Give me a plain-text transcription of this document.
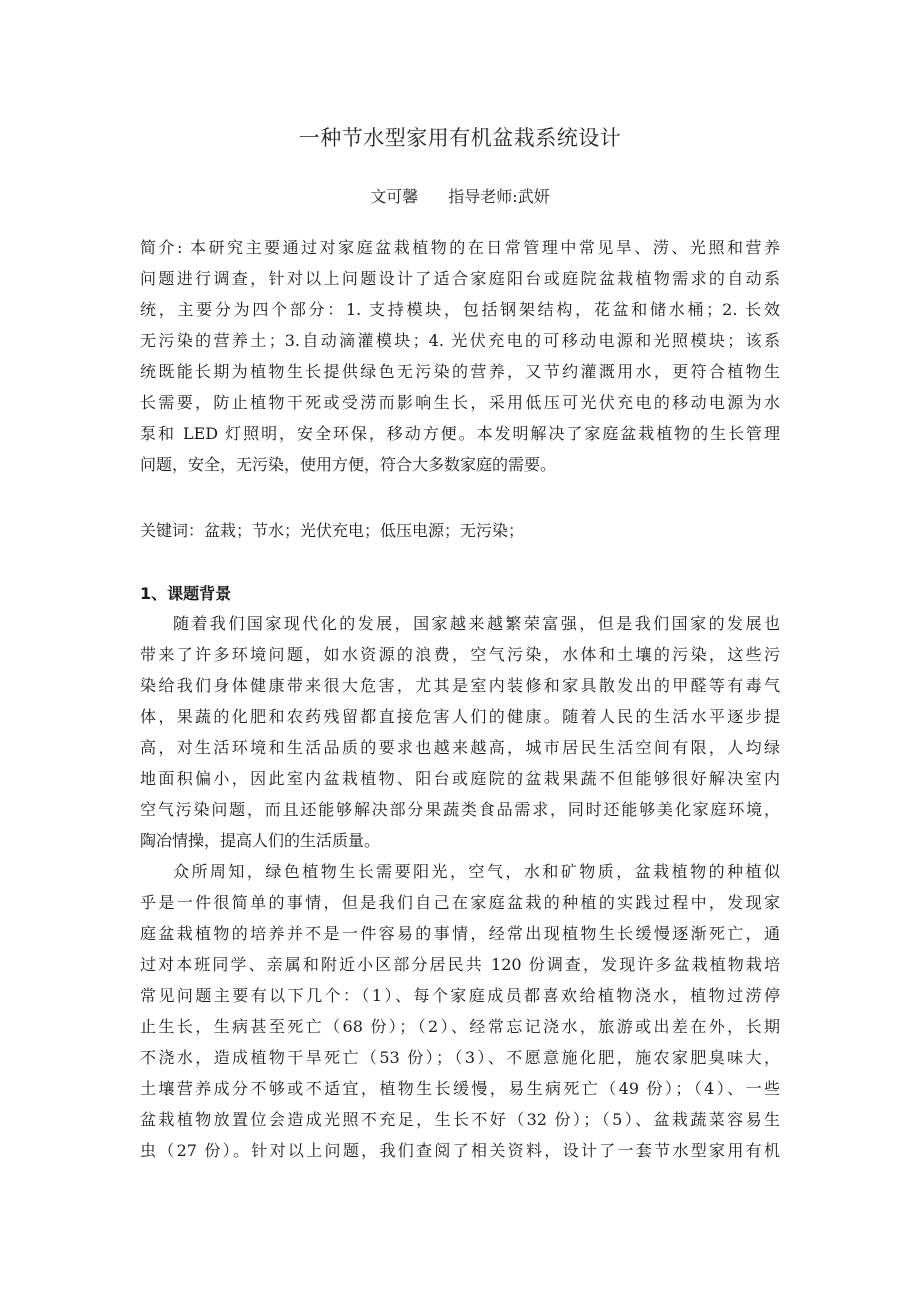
一种节水型家用有机盆栽系统设计
文可馨 指导老师:武妍
简介: 本研究主要通过对家庭盆栽植物的在日常管理中常见旱、涝、光照和营养
问题进行调查，针对以上问题设计了适合家庭阳台或庭院盆栽植物需求的自动系
统，主要分为四个部分：1. 支持模块，包括钢架结构，花盆和储水桶；2. 长效
无污染的营养土；3.自动滴灌模块；4. 光伏充电的可移动电源和光照模块；该系
统既能长期为植物生长提供绿色无污染的营养，又节约灌溉用水，更符合植物生
长需要，防止植物干死或受涝而影响生长，采用低压可光伏充电的移动电源为水
泵和 LED 灯照明，安全环保，移动方便。本发明解决了家庭盆栽植物的生长管理
问题，安全，无污染，使用方便，符合大多数家庭的需要。
关键词：盆栽；节水；光伏充电；低压电源；无污染；
1、课题背景
随着我们国家现代化的发展，国家越来越繁荣富强，但是我们国家的发展也
带来了许多环境问题，如水资源的浪费，空气污染，水体和土壤的污染，这些污
染给我们身体健康带来很大危害，尤其是室内装修和家具散发出的甲醛等有毒气
体，果蔬的化肥和农药残留都直接危害人们的健康。随着人民的生活水平逐步提
高，对生活环境和生活品质的要求也越来越高，城市居民生活空间有限，人均绿
地面积偏小，因此室内盆栽植物、阳台或庭院的盆栽果蔬不但能够很好解决室内
空气污染问题，而且还能够解决部分果蔬类食品需求，同时还能够美化家庭环境，
陶冶情操，提高人们的生活质量。
众所周知，绿色植物生长需要阳光，空气，水和矿物质，盆栽植物的种植似
乎是一件很简单的事情，但是我们自己在家庭盆栽的种植的实践过程中，发现家
庭盆栽植物的培养并不是一件容易的事情，经常出现植物生长缓慢逐渐死亡，通
过对本班同学、亲属和附近小区部分居民共 120 份调查，发现许多盆栽植物栽培
常见问题主要有以下几个：（1）、每个家庭成员都喜欢给植物浇水，植物过涝停
止生长，生病甚至死亡（68 份）；（2）、经常忘记浇水，旅游或出差在外，长期
不浇水，造成植物干旱死亡（53 份）；（3）、不愿意施化肥，施农家肥臭味大，
土壤营养成分不够或不适宜，植物生长缓慢，易生病死亡（49 份）；（4）、一些
盆栽植物放置位会造成光照不充足，生长不好（32 份）；（5）、盆栽蔬菜容易生
虫（27 份）。针对以上问题，我们查阅了相关资料，设计了一套节水型家用有机
